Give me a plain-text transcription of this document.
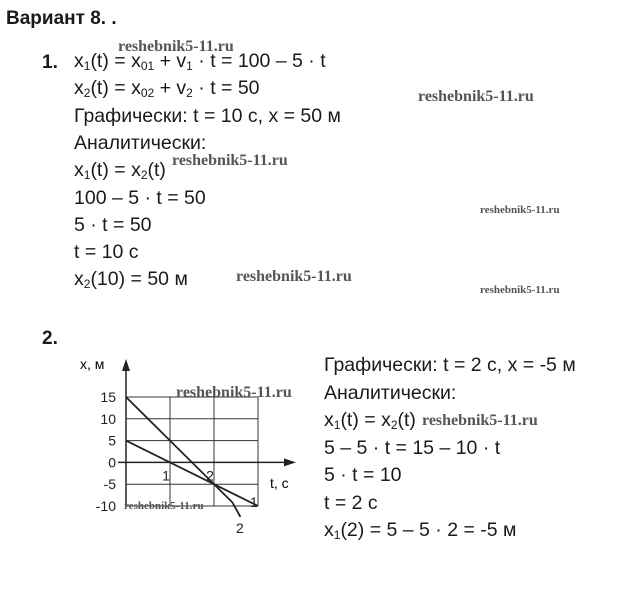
Вариант 8. .
1. $x_1(t) = x_{01} + v_1 \cdot t = 100 - 5 \cdot t$
$x_2(t) = x_{02} + v_2 \cdot t = 50$
Графически: t = 10 с, x = 50 м
Аналитически:
$x_1(t) = x_2(t)$
100 – 5 · t = 50
5 · t = 50
t = 10 с
$x_2(10) = 50$ м
2.
Графически: t = 2 с, x = -5 м
Аналитически:
$x_1(t) = x_2(t)$
5 – 5 · t = 15 – 10 · t
5 · t = 10
t = 2 с
$x_1(2) = 5 - 5 \cdot 2 = -5$ м
1
2
15
10
5
0
-5
-10
1	2
x, м
t, с
reshebnik5-11.ru
reshebnik5-11.ru
reshebnik5-11.ru
reshebnik5-11.ru
reshebnik5-11.ru
reshebnik5-11.ru
reshebnik5-11.ru
reshebnik5-11.ru
reshebnik5-11.ru
